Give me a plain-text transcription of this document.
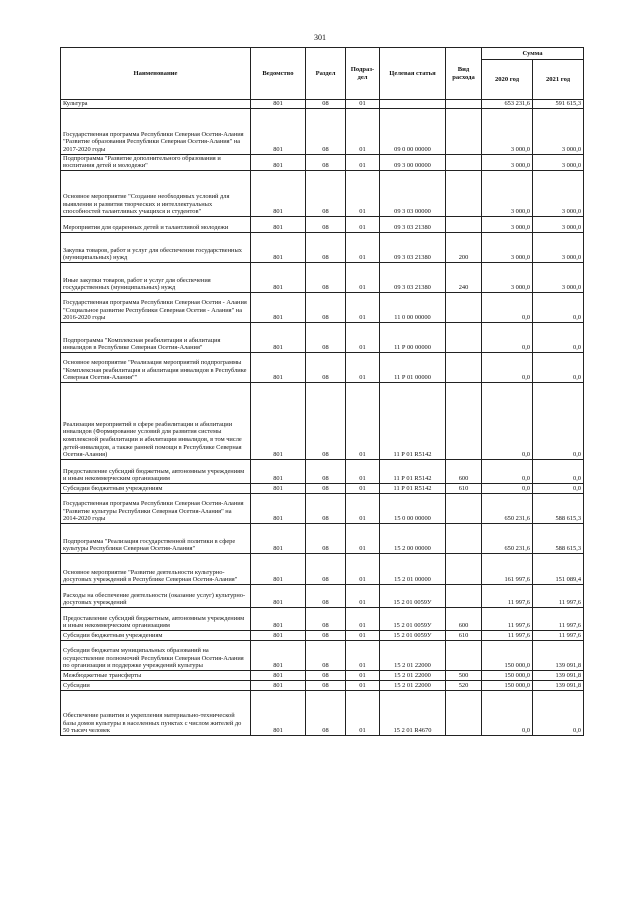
301
Наименование	Ведомство	Раздел	Подраз- дел	Целевая статья	Вид расхода	Сумма	
						2020 год	2021 год
Культура	801	08	01			653 231,6	591 615,3
Государственная программа Республики Северная Осетия-Алания "Развитие образования Республики Северная Осетия-Алания" на 2017-2020 годы	801	08	01	09 0 00 00000		3 000,0	3 000,0
Подпрограмма "Развитие дополнительного образования и воспитания детей и молодежи"	801	08	01	09 3 00 00000		3 000,0	3 000,0
Основное мероприятие "Создание необходимых условий для выявления и развития творческих и интеллектуальных способностей талантливых учащихся и студентов"	801	08	01	09 3 03 00000		3 000,0	3 000,0
Мероприятия для одаренных детей и талантливой молодежи	801	08	01	09 3 03 21380		3 000,0	3 000,0
Закупка товаров, работ и услуг для обеспечения государственных (муниципальных) нужд	801	08	01	09 3 03 21380	200	3 000,0	3 000,0
Иные закупки товаров, работ и услуг для обеспечения государственных (муниципальных) нужд	801	08	01	09 3 03 21380	240	3 000,0	3 000,0
Государственная программа Республики Северная Осетия - Алания "Социальное развитие Республики Северная Осетия - Алания" на 2016-2020 годы	801	08	01	11 0 00 00000		0,0	0,0
Подпрограмма "Комплексная реабилитация и абилитация инвалидов в Республике Северная Осетия-Алания"	801	08	01	11 Р 00 00000		0,0	0,0
Основное мероприятие "Реализация мероприятий подпрограммы "Комплексная реабилитация и абилитация инвалидов в Республике Северная Осетия-Алания""	801	08	01	11 Р 01 00000		0,0	0,0
Реализация мероприятий в сфере реабилитации и абилитации инвалидов (Формирование условий для развития системы комплексной реабилитации и абилитации инвалидов, в том числе детей-инвалидов, а также ранней помощи в Республике Северная Осетия-Алания)	801	08	01	11 Р 01 R5142		0,0	0,0
Предоставление субсидий бюджетным, автономным учреждениям и иным некоммерческим организациям	801	08	01	11 Р 01 R5142	600	0,0	0,0
Субсидии бюджетным учреждениям	801	08	01	11 Р 01 R5142	610	0,0	0,0
Государственная программа Республики Северная Осетия-Алания "Развитие культуры Республики Северная Осетия-Алания" на 2014-2020 годы	801	08	01	15 0 00 00000		650 231,6	588 615,3
Подпрограмма "Реализация государственной политики в сфере культуры Республики Северная Осетия-Алания"	801	08	01	15 2 00 00000		650 231,6	588 615,3
Основное мероприятие "Развитие деятельности культурно-досуговых учреждений в Республике Северная Осетия-Алания"	801	08	01	15 2 01 00000		161 997,6	151 089,4
Расходы на обеспечение деятельности (оказание услуг) культурно-досуговых учреждений	801	08	01	15 2 01 0059У		11 997,6	11 997,6
Предоставление субсидий бюджетным, автономным учреждениям и иным некоммерческим организациям	801	08	01	15 2 01 0059У	600	11 997,6	11 997,6
Субсидии бюджетным учреждениям	801	08	01	15 2 01 0059У	610	11 997,6	11 997,6
Субсидии бюджетам муниципальных образований на осуществление полномочий Республики Северная Осетия-Алания по организации и поддержке учреждений культуры	801	08	01	15 2 01 22000		150 000,0	139 091,8
Межбюджетные трансферты	801	08	01	15 2 01 22000	500	150 000,0	139 091,8
Субсидии	801	08	01	15 2 01 22000	520	150 000,0	139 091,8
Обеспечение развития и укрепления материально-технической базы домов культуры в населенных пунктах с числом жителей до 50 тысяч человек	801	08	01	15 2 01 R4670		0,0	0,0
